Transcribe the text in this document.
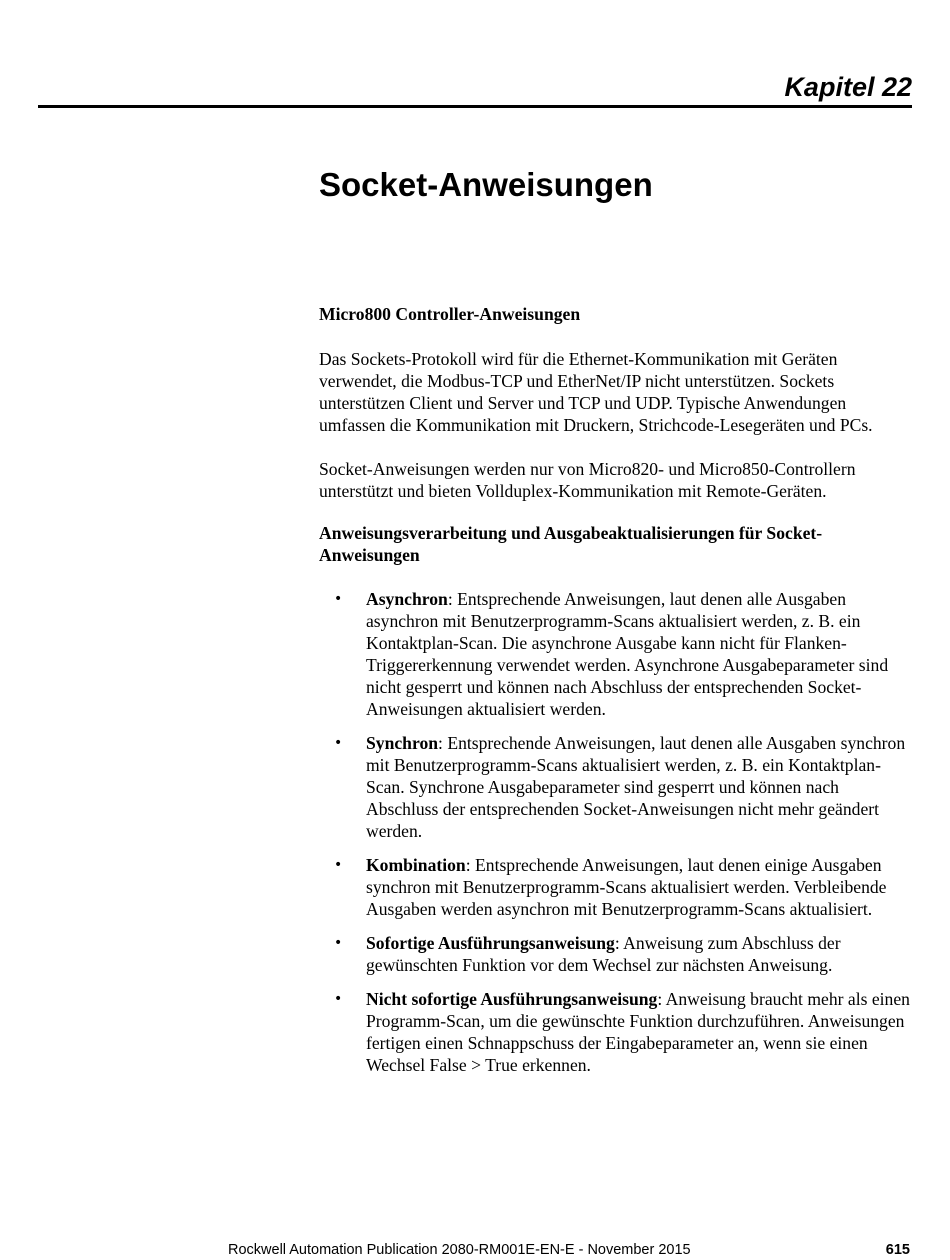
Kapitel 22
Socket-Anweisungen
Micro800 Controller-Anweisungen

Das Sockets-Protokoll wird für die Ethernet-Kommunikation mit Geräten verwendet, die Modbus-TCP und EtherNet/IP nicht unterstützen. Sockets unterstützen Client und Server und TCP und UDP. Typische Anwendungen umfassen die Kommunikation mit Druckern, Strichcode-Lesegeräten und PCs.

Socket-Anweisungen werden nur von Micro820- und Micro850-Controllern unterstützt und bieten Vollduplex-Kommunikation mit Remote-Geräten.

Anweisungsverarbeitung und Ausgabeaktualisierungen für Socket-Anweisungen
• Asynchron: Entsprechende Anweisungen, laut denen alle Ausgaben asynchron mit Benutzerprogramm-Scans aktualisiert werden, z. B. ein Kontaktplan-Scan. Die asynchrone Ausgabe kann nicht für Flanken-Triggererkennung verwendet werden. Asynchrone Ausgabeparameter sind nicht gesperrt und können nach Abschluss der entsprechenden Socket-Anweisungen aktualisiert werden.
• Synchron: Entsprechende Anweisungen, laut denen alle Ausgaben synchron mit Benutzerprogramm-Scans aktualisiert werden, z. B. ein Kontaktplan-Scan. Synchrone Ausgabeparameter sind gesperrt und können nach Abschluss der entsprechenden Socket-Anweisungen nicht mehr geändert werden.
• Kombination: Entsprechende Anweisungen, laut denen einige Ausgaben synchron mit Benutzerprogramm-Scans aktualisiert werden. Verbleibende Ausgaben werden asynchron mit Benutzerprogramm-Scans aktualisiert.
• Sofortige Ausführungsanweisung: Anweisung zum Abschluss der gewünschten Funktion vor dem Wechsel zur nächsten Anweisung.
• Nicht sofortige Ausführungsanweisung: Anweisung braucht mehr als einen Programm-Scan, um die gewünschte Funktion durchzuführen. Anweisungen fertigen einen Schnappschuss der Eingabeparameter an, wenn sie einen Wechsel False > True erkennen.
Rockwell Automation Publication 2080-RM001E-EN-E - November 2015	615
